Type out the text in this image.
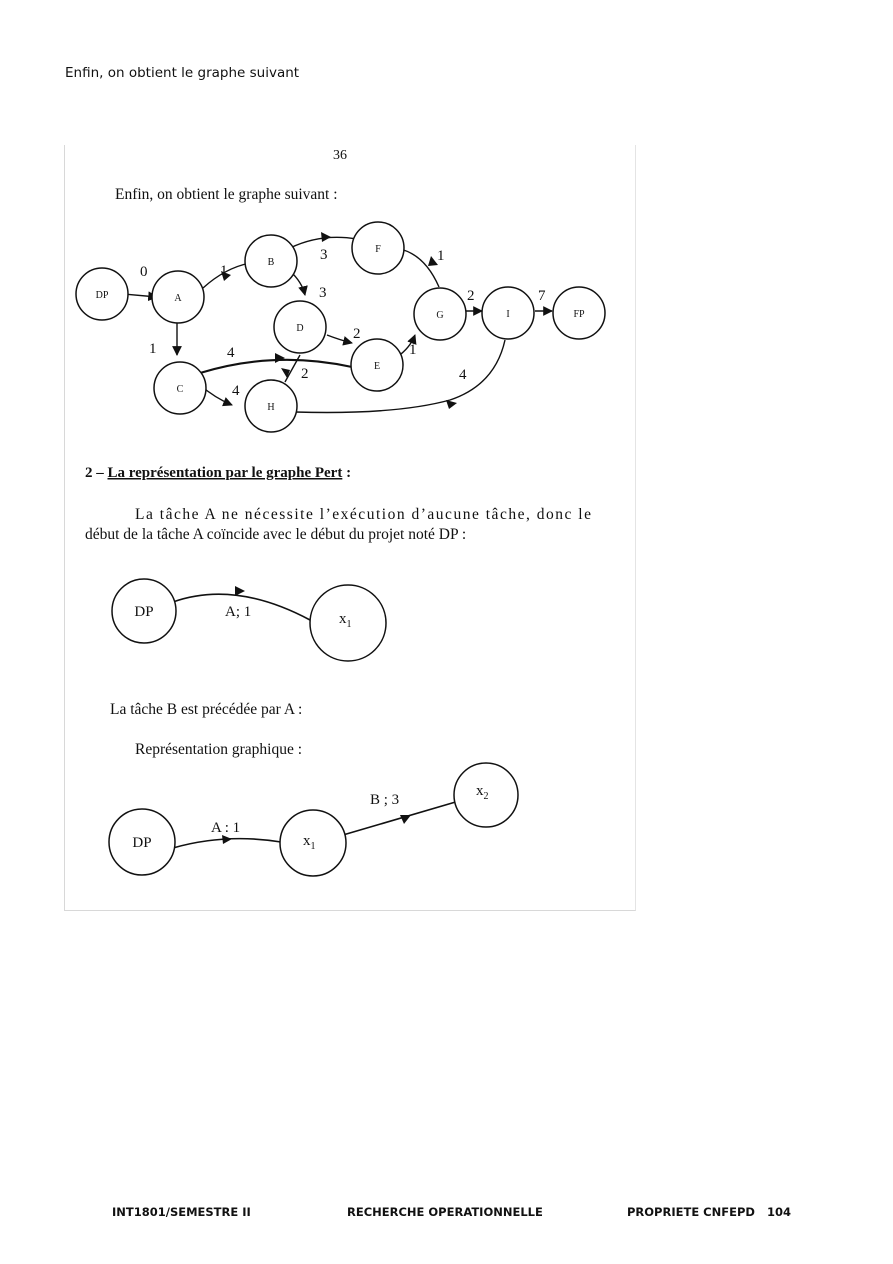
Enfin, on obtient le graphe suivant
36
Enfin, on obtient le graphe suivant :
DP	A
B
C
D
E
F
G
H
I	FP
0	1
1
3
3
1
2
1
2	7
4
4
2	4
2 – La représentation par le graphe Pert :
La tâche A ne nécessite l’exécution d’aucune tâche, donc le
début de la tâche A coïncide avec le début du projet noté DP :
DP	A; 1	$x_1$
La tâche B est précédée par A :
Représentation graphique :
DP
A : 1
$x_1$
B ; 3
$x_2$
INT1801/SEMESTRE II	RECHERCHE OPERATIONNELLE	PROPRIETE CNFEPD 104
